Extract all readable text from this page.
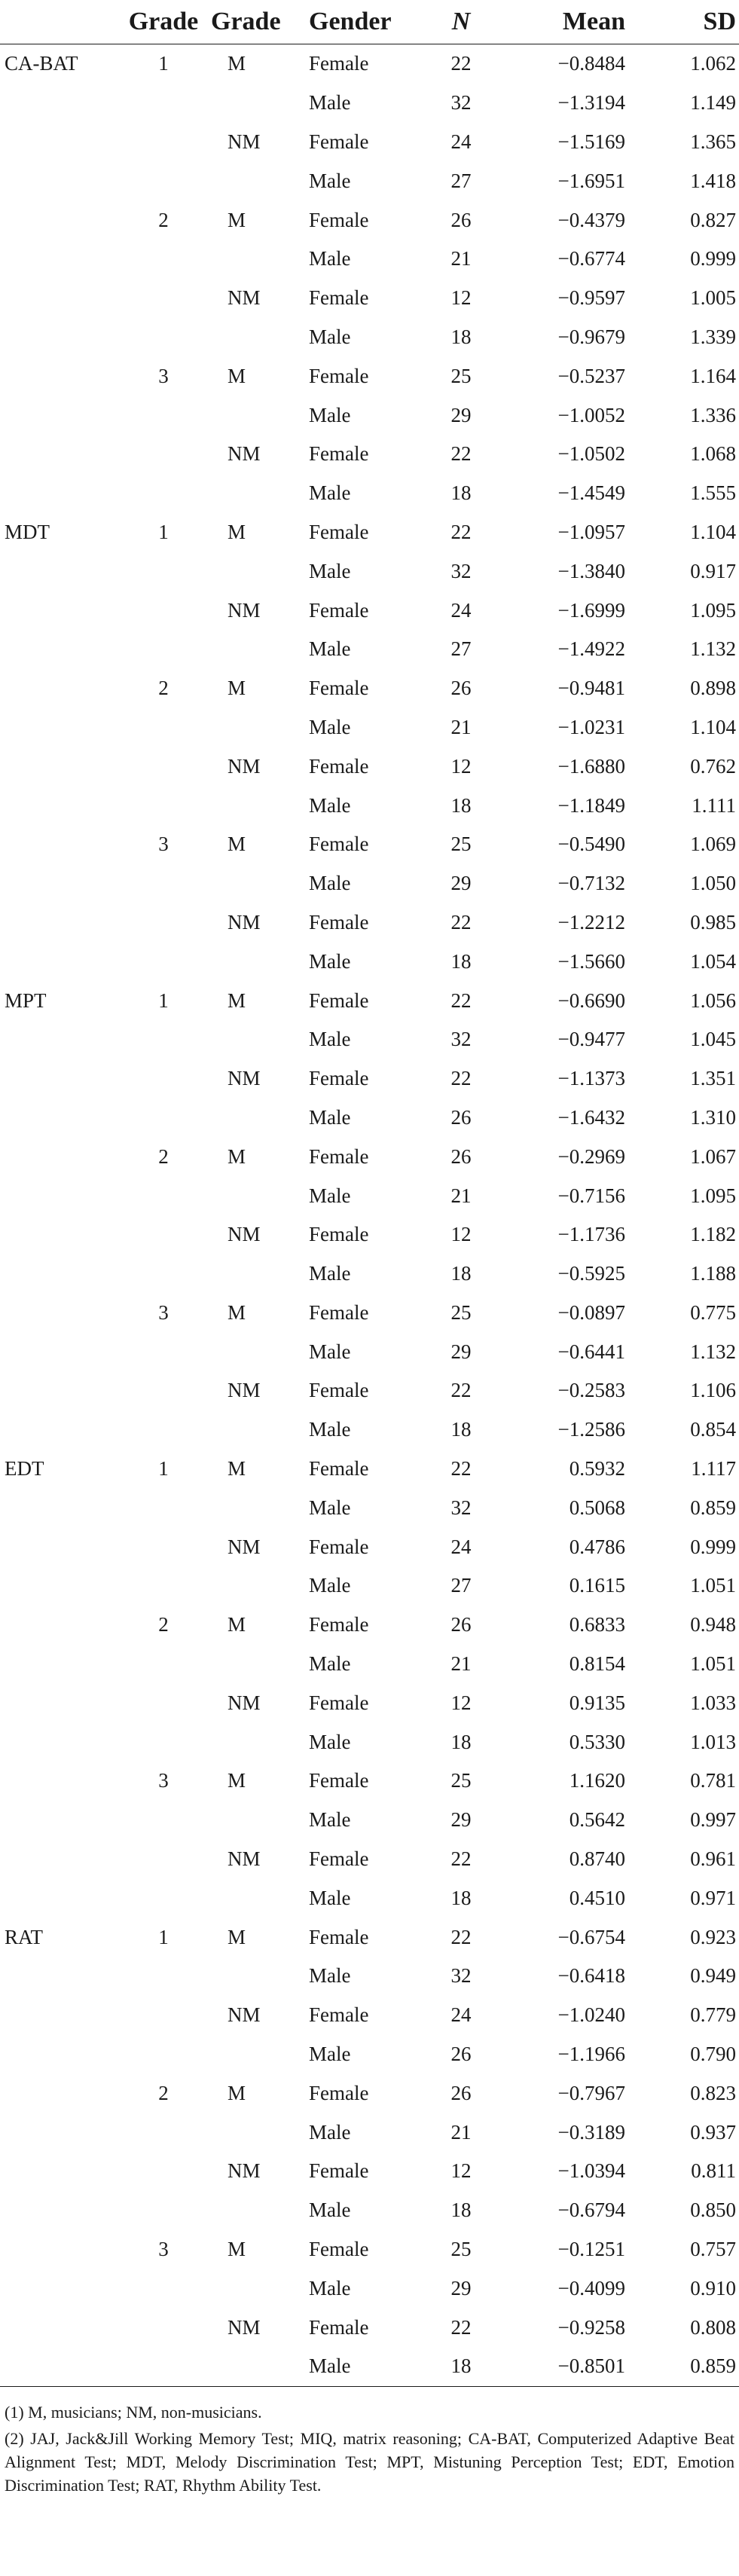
	Grade	Grade	Gender	N	Mean	SD
CA-BAT	1	M	Female	22	−0.8484	1.062
			Male	32	−1.3194	1.149
		NM	Female	24	−1.5169	1.365
			Male	27	−1.6951	1.418
	2	M	Female	26	−0.4379	0.827
			Male	21	−0.6774	0.999
		NM	Female	12	−0.9597	1.005
			Male	18	−0.9679	1.339
	3	M	Female	25	−0.5237	1.164
			Male	29	−1.0052	1.336
		NM	Female	22	−1.0502	1.068
			Male	18	−1.4549	1.555
MDT	1	M	Female	22	−1.0957	1.104
			Male	32	−1.3840	0.917
		NM	Female	24	−1.6999	1.095
			Male	27	−1.4922	1.132
	2	M	Female	26	−0.9481	0.898
			Male	21	−1.0231	1.104
		NM	Female	12	−1.6880	0.762
			Male	18	−1.1849	1.111
	3	M	Female	25	−0.5490	1.069
			Male	29	−0.7132	1.050
		NM	Female	22	−1.2212	0.985
			Male	18	−1.5660	1.054
MPT	1	M	Female	22	−0.6690	1.056
			Male	32	−0.9477	1.045
		NM	Female	22	−1.1373	1.351
			Male	26	−1.6432	1.310
	2	M	Female	26	−0.2969	1.067
			Male	21	−0.7156	1.095
		NM	Female	12	−1.1736	1.182
			Male	18	−0.5925	1.188
	3	M	Female	25	−0.0897	0.775
			Male	29	−0.6441	1.132
		NM	Female	22	−0.2583	1.106
			Male	18	−1.2586	0.854
EDT	1	M	Female	22	0.5932	1.117
			Male	32	0.5068	0.859
		NM	Female	24	0.4786	0.999
			Male	27	0.1615	1.051
	2	M	Female	26	0.6833	0.948
			Male	21	0.8154	1.051
		NM	Female	12	0.9135	1.033
			Male	18	0.5330	1.013
	3	M	Female	25	1.1620	0.781
			Male	29	0.5642	0.997
		NM	Female	22	0.8740	0.961
			Male	18	0.4510	0.971
RAT	1	M	Female	22	−0.6754	0.923
			Male	32	−0.6418	0.949
		NM	Female	24	−1.0240	0.779
			Male	26	−1.1966	0.790
	2	M	Female	26	−0.7967	0.823
			Male	21	−0.3189	0.937
		NM	Female	12	−1.0394	0.811
			Male	18	−0.6794	0.850
	3	M	Female	25	−0.1251	0.757
			Male	29	−0.4099	0.910
		NM	Female	22	−0.9258	0.808
			Male	18	−0.8501	0.859

(1) M, musicians; NM, non-musicians.

(2) JAJ, Jack&Jill Working Memory Test; MIQ, matrix reasoning; CA-BAT, Computerized Adaptive Beat Alignment Test; MDT, Melody Discrimination Test; MPT, Mistuning Perception Test; EDT, Emotion Discrimination Test; RAT, Rhythm Ability Test.
